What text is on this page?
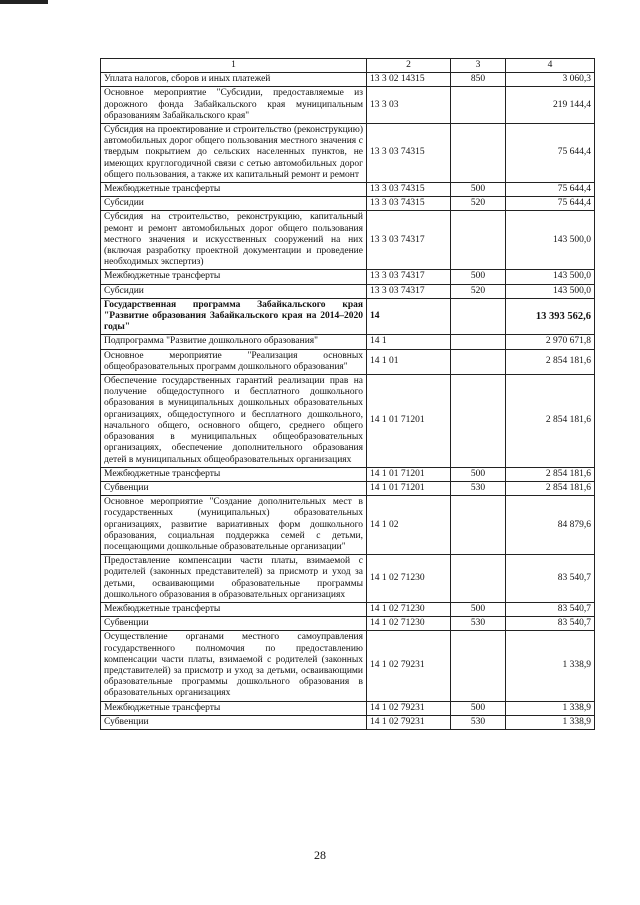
1	2	3	4
Уплата налогов, сборов и иных платежей	13 3 02 14315	850	3 060,3
Основное мероприятие "Субсидии, предоставляемые из дорожного фонда Забайкальского края муниципальным образованиям Забайкальского края"	13 3 03		219 144,4
Субсидия на проектирование и строительство (реконструкцию) автомобильных дорог общего пользования местного значения с твердым покрытием до сельских населенных пунктов, не имеющих круглогодичной связи с сетью автомобильных дорог общего пользования, а также их капитальный ремонт и ремонт	13 3 03 74315		75 644,4
Межбюджетные трансферты	13 3 03 74315	500	75 644,4
Субсидии	13 3 03 74315	520	75 644,4
Субсидия на строительство, реконструкцию, капитальный ремонт и ремонт автомобильных дорог общего пользования местного значения и искусственных сооружений на них (включая разработку проектной документации и проведение необходимых экспертиз)	13 3 03 74317		143 500,0
Межбюджетные трансферты	13 3 03 74317	500	143 500,0
Субсидии	13 3 03 74317	520	143 500,0
Государственная программа Забайкальского края "Развитие образования Забайкальского края на 2014–2020 годы"	14		13 393 562,6
Подпрограмма "Развитие дошкольного образования"	14 1		2 970 671,8
Основное мероприятие "Реализация основных общеобразовательных программ дошкольного образования"	14 1 01		2 854 181,6
Обеспечение государственных гарантий реализации прав на получение общедоступного и бесплатного дошкольного образования в муниципальных дошкольных образовательных организациях, общедоступного и бесплатного дошкольного, начального общего, основного общего, среднего общего образования в муниципальных общеобразовательных организациях, обеспечение дополнительного образования детей в муниципальных общеобразовательных организациях	14 1 01 71201		2 854 181,6
Межбюджетные трансферты	14 1 01 71201	500	2 854 181,6
Субвенции	14 1 01 71201	530	2 854 181,6
Основное мероприятие "Создание дополнительных мест в государственных (муниципальных) образовательных организациях, развитие вариативных форм дошкольного образования, социальная поддержка семей с детьми, посещающими дошкольные образовательные организации"	14 1 02		84 879,6
Предоставление компенсации части платы, взимаемой с родителей (законных представителей) за присмотр и уход за детьми, осваивающими образовательные программы дошкольного образования в образовательных организациях	14 1 02 71230		83 540,7
Межбюджетные трансферты	14 1 02 71230	500	83 540,7
Субвенции	14 1 02 71230	530	83 540,7
Осуществление органами местного самоуправления государственного полномочия по предоставлению компенсации части платы, взимаемой с родителей (законных представителей) за присмотр и уход за детьми, осваивающими образовательные программы дошкольного образования в образовательных организациях	14 1 02 79231		1 338,9
Межбюджетные трансферты	14 1 02 79231	500	1 338,9
Субвенции	14 1 02 79231	530	1 338,9
28
